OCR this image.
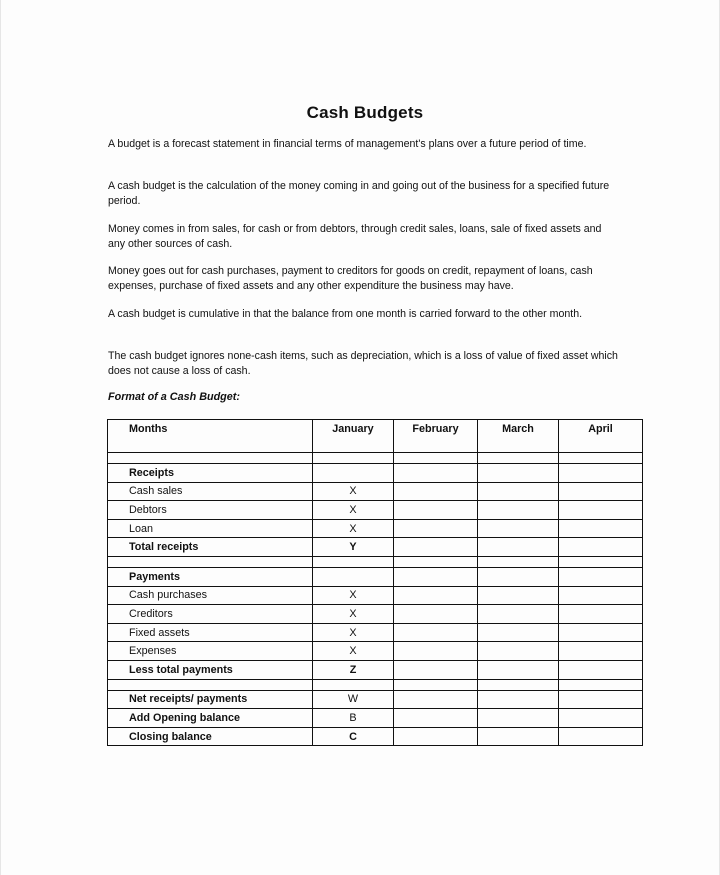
Cash Budgets

A budget is a forecast statement in financial terms of management's plans over a future period of time.

A cash budget is the calculation of the money coming in and going out of the business for a specified future period.

Money comes in from sales, for cash or from debtors, through credit sales, loans, sale of fixed assets and any other sources of cash.

Money goes out for cash purchases, payment to creditors for goods on credit, repayment of loans, cash expenses, purchase of fixed assets and any other expenditure the business may have.

A cash budget is cumulative in that the balance from one month is carried forward to the other month.

The cash budget ignores none-cash items, such as depreciation, which is a loss of value of fixed asset which does not cause a loss of cash.

Format of a Cash Budget:
Months	January	February	March	April

Receipts				
Cash sales	X			
Debtors	X			
Loan	X			
Total receipts	Y			

Payments				
Cash purchases	X			
Creditors	X			
Fixed assets	X			
Expenses	X			
Less total payments	Z			

Net receipts/ payments	W			
Add Opening balance	B			
Closing balance	C			
